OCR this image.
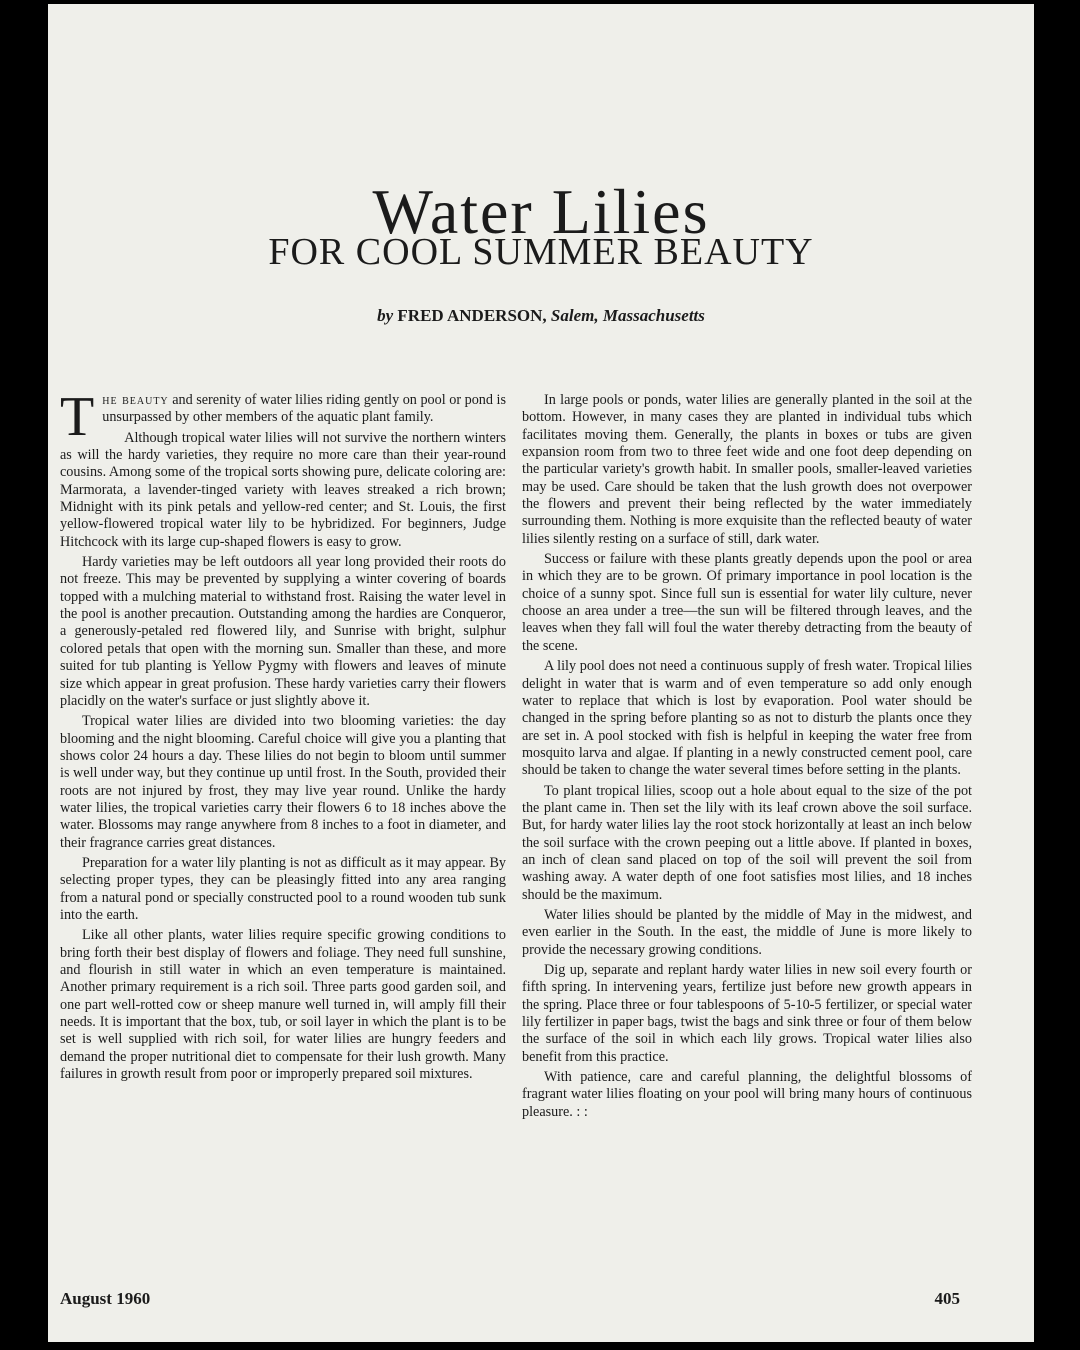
Water Lilies
FOR COOL SUMMER BEAUTY
by FRED ANDERSON, Salem, Massachusetts

The beauty and serenity of water lilies riding gently on pool or pond is unsurpassed by other members of the aquatic plant family.

Although tropical water lilies will not survive the northern winters as will the hardy varieties, they require no more care than their year-round cousins. Among some of the tropical sorts showing pure, delicate coloring are: Marmorata, a lavender-tinged variety with leaves streaked a rich brown; Midnight with its pink petals and yellow-red center; and St. Louis, the first yellow-flowered tropical water lily to be hybridized. For beginners, Judge Hitchcock with its large cup-shaped flowers is easy to grow.

Hardy varieties may be left outdoors all year long provided their roots do not freeze. This may be prevented by supplying a winter covering of boards topped with a mulching material to withstand frost. Raising the water level in the pool is another precaution. Outstanding among the hardies are Conqueror, a generously-petaled red flowered lily, and Sunrise with bright, sulphur colored petals that open with the morning sun. Smaller than these, and more suited for tub planting is Yellow Pygmy with flowers and leaves of minute size which appear in great profusion. These hardy varieties carry their flowers placidly on the water's surface or just slightly above it.

Tropical water lilies are divided into two blooming varieties: the day blooming and the night blooming. Careful choice will give you a planting that shows color 24 hours a day. These lilies do not begin to bloom until summer is well under way, but they continue up until frost. In the South, provided their roots are not injured by frost, they may live year round. Unlike the hardy water lilies, the tropical varieties carry their flowers 6 to 18 inches above the water. Blossoms may range anywhere from 8 inches to a foot in diameter, and their fragrance carries great distances.

Preparation for a water lily planting is not as difficult as it may appear. By selecting proper types, they can be pleasingly fitted into any area ranging from a natural pond or specially constructed pool to a round wooden tub sunk into the earth.

Like all other plants, water lilies require specific growing conditions to bring forth their best display of flowers and foliage. They need full sunshine, and flourish in still water in which an even temperature is maintained. Another primary requirement is a rich soil. Three parts good garden soil, and one part well-rotted cow or sheep manure well turned in, will amply fill their needs. It is important that the box, tub, or soil layer in which the plant is to be set is well supplied with rich soil, for water lilies are hungry feeders and demand the proper nutritional diet to compensate for their lush growth. Many failures in growth result from poor or improperly prepared soil mixtures.

In large pools or ponds, water lilies are generally planted in the soil at the bottom. However, in many cases they are planted in individual tubs which facilitates moving them. Generally, the plants in boxes or tubs are given expansion room from two to three feet wide and one foot deep depending on the particular variety's growth habit. In smaller pools, smaller-leaved varieties may be used. Care should be taken that the lush growth does not overpower the flowers and prevent their being reflected by the water immediately surrounding them. Nothing is more exquisite than the reflected beauty of water lilies silently resting on a surface of still, dark water.

Success or failure with these plants greatly depends upon the pool or area in which they are to be grown. Of primary importance in pool location is the choice of a sunny spot. Since full sun is essential for water lily culture, never choose an area under a tree—the sun will be filtered through leaves, and the leaves when they fall will foul the water thereby detracting from the beauty of the scene.

A lily pool does not need a continuous supply of fresh water. Tropical lilies delight in water that is warm and of even temperature so add only enough water to replace that which is lost by evaporation. Pool water should be changed in the spring before planting so as not to disturb the plants once they are set in. A pool stocked with fish is helpful in keeping the water free from mosquito larva and algae. If planting in a newly constructed cement pool, care should be taken to change the water several times before setting in the plants.

To plant tropical lilies, scoop out a hole about equal to the size of the pot the plant came in. Then set the lily with its leaf crown above the soil surface. But, for hardy water lilies lay the root stock horizontally at least an inch below the soil surface with the crown peeping out a little above. If planted in boxes, an inch of clean sand placed on top of the soil will prevent the soil from washing away. A water depth of one foot satisfies most lilies, and 18 inches should be the maximum.

Water lilies should be planted by the middle of May in the midwest, and even earlier in the South. In the east, the middle of June is more likely to provide the necessary growing conditions.

Dig up, separate and replant hardy water lilies in new soil every fourth or fifth spring. In intervening years, fertilize just before new growth appears in the spring. Place three or four tablespoons of 5-10-5 fertilizer, or special water lily fertilizer in paper bags, twist the bags and sink three or four of them below the surface of the soil in which each lily grows. Tropical water lilies also benefit from this practice.

With patience, care and careful planning, the delightful blossoms of fragrant water lilies floating on your pool will bring many hours of continuous pleasure. : :

August 1960	405
